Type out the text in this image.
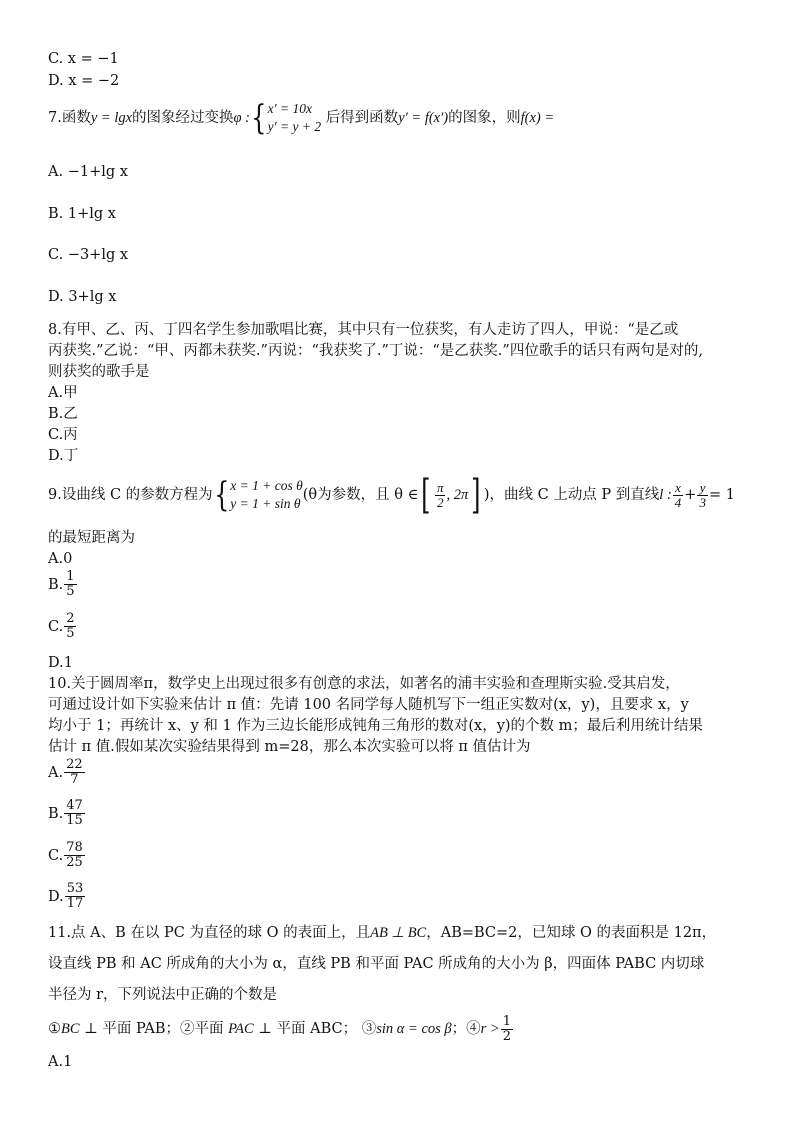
C. x = −1
D. x = −2
7.函数y = lgx的图象经过变换φ :{ x′ = 10x
y′ = y + 2
后得到函数y′ = f(x′)的图象，则f(x) =
A. −1+lg x
B. 1+lg x
C. −3+lg x
D. 3+lg x
8.有甲、乙、丙、丁四名学生参加歌唱比赛，其中只有一位获奖，有人走访了四人，甲说：“是乙或
丙获奖.”乙说：“甲、丙都未获奖.”丙说：“我获奖了.”丁说：“是乙获奖.”四位歌手的话只有两句是对的,
则获奖的歌手是
A.甲
B.乙
C.丙
D.丁
9.设曲线 C 的参数方程为{ x = 1 + cos θ
y = 1 + sin θ
(θ为参数，且 θ ∈[ $\frac{\pi}{2}$ , 2π] )，曲线 C 上动点 P 到直线l : $\frac{x}{4} + \frac{y}{3} = 1$
的最短距离为
A.0
B. $\frac{1}{5}$
C. $\frac{2}{5}$
D.1
10.关于圆周率π，数学史上出现过很多有创意的求法，如著名的浦丰实验和查理斯实验.受其启发，
可通过设计如下实验来估计 π 值：先请 100 名同学每人随机写下一组正实数对(x，y)，且要求 x，y
均小于 1；再统计 x、y 和 1 作为三边长能形成钝角三角形的数对(x，y)的个数 m；最后利用统计结果
估计 π 值.假如某次实验结果得到 m=28，那么本次实验可以将 π 值估计为
A. $\frac{22}{7}$
B. $\frac{47}{15}$
C. $\frac{78}{25}$
D. $\frac{53}{17}$
11.点 A、B 在以 PC 为直径的球 O 的表面上，且AB ⊥ BC，AB=BC=2，已知球 O 的表面积是 12π，
设直线 PB 和 AC 所成角的大小为 α，直线 PB 和平面 PAC 所成角的大小为 β，四面体 PABC 内切球
半径为 r，下列说法中正确的个数是
①BC ⊥ 平面 PAB；②平面 PAC ⊥ 平面 ABC； ③sin α = cos β；④r > $\frac{1}{2}$
A.1
